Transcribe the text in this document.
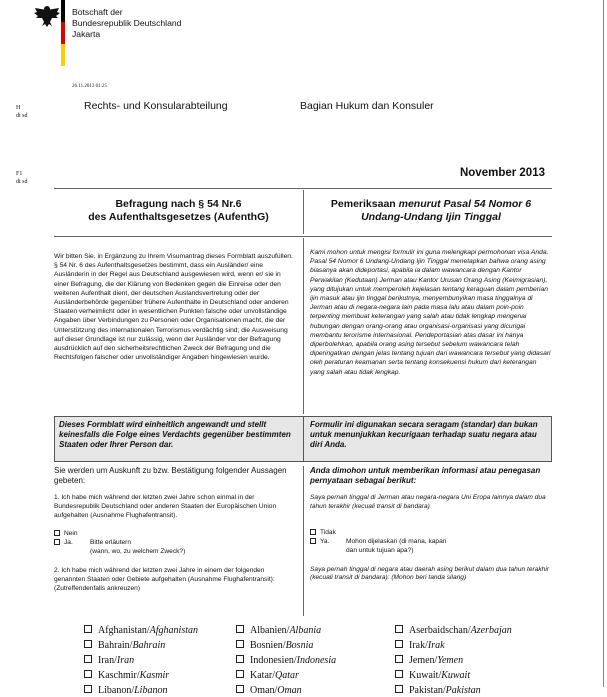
Botschaft der
Bundesrepublik Deutschland
Jakarta
26.11.2013 01:25
H
dt sd
F1
dt sd
Rechts- und Konsularabteilung	Bagian Hukum dan Konsuler
November 2013
Befragung nach § 54 Nr.6
des Aufenthaltsgesetzes (AufenthG)
Pemeriksaan menurut Pasal 54 Nomor 6
Undang-Undang Ijin Tinggal
Wir bitten Sie, in Ergänzung zu Ihrem Visumantrag dieses Formblatt auszufüllen. § 54 Nr. 6 des Aufenthaltsgesetzes bestimmt, dass ein Ausländer/ eine Ausländerin in der Regel aus Deutschland ausgewiesen wird, wenn er/ sie in einer Befragung, die der Klärung von Bedenken gegen die Einreise oder den weiteren Aufenthalt dient, der deutschen Auslandsvertretung oder der Ausländerbehörde gegenüber frühere Aufenthalte in Deutschland oder anderen Staaten verheimlicht oder in wesentlichen Punkten falsche oder unvollständige Angaben über Verbindungen zu Personen oder Organisationen macht, die der Unterstützung des internationalen Terrorismus verdächtig sind; die Ausweisung auf dieser Grundlage ist nur zulässig, wenn der Ausländer vor der Befragung ausdrücklich auf den sicherheitsrechtlichen Zweck der Befragung und die Rechtsfolgen falscher oder unvollständiger Angaben hingewiesen wurde.
Kami mohon untuk mengisi formulir ini guna melengkapi permohonan visa Anda. Pasal 54 Nomor 6 Undang-Undang Ijin Tinggal menetapkan bahwa orang asing biasanya akan dideportasi, apabila ia dalam wawancara dengan Kantor Perwakilan (Kedutaan) Jerman atau Kantor Urusan Orang Asing (Keimigrasian), yang ditujukan untuk memperoleh kejelasan tentang keraguan dalam pemberian ijin masuk atau ijin tinggal berikutnya, menyembunyikan masa tinggalnya di Jerman atau di negara-negara lain pada masa lalu atau dalam poin-poin terpenting membuat keterangan yang salah atau tidak lengkap mengenai hubungan dengan orang-orang atau organisasi-organisasi yang dicurigai membantu terorisme internasional. Pendeportasian atas dasar ini hanya diperbolehkan, apabila orang asing tersebut sebelum wawancara telah diperingatkan dengan jelas tentang tujuan dari wawancara tersebut yang didasari oleh peraturan keamanan serta tentang konsekuensi hukum dari keterangan yang salah atau tidak lengkap.
Dieses Formblatt wird einheitlich angewandt und stellt keinesfalls die Folge eines Verdachts gegenüber bestimmten Staaten oder Ihrer Person dar.
Formulir ini digunakan secara seragam (standar) dan bukan untuk menunjukkan kecurigaan terhadap suatu negara atau diri Anda.
Sie werden um Auskunft zu bzw. Bestätigung folgender Aussagen gebeten:
1. Ich habe mich während der letzten zwei Jahre schon einmal in der Bundesrepublik Deutschland oder anderen Staaten der Europäischen Union aufgehalten (Ausnahme Flughafentransit).
Nein
Ja.	Bitte erläutern
(wann, wo, zu welchem Zweck?)
2. Ich habe mich während der letzten zwei Jahre in einem der folgenden genannten Staaten oder Gebiete aufgehalten (Ausnahme Flughafentransit): (Zutreffendenfalls ankreuzen)
Anda dimohon untuk memberikan informasi atau penegasan pernyataan sebagai berikut:
Saya pernah tinggal di Jerman atau negara-negara Uni Eropa lainnya dalam dua tahun terakhir (kecuali transit di bandara)
Tidak
Ya.	Mohon dijelaskan (di mana, kapan
dan untuk tujuan apa?)
Saya pernah tinggal di negara atau daerah asing berikut dalam dua tahun terakhir (kecuali transit di bandara): (Mohon beri tanda silang)
Afghanistan/Afghanistan	Albanien/Albania	Aserbaidschan/Azerbajan
Bahrain/Bahrain	Bosnien/Bosnia	Irak/Irak
Iran/Iran	Indonesien/Indonesia	Jemen/Yemen
Kaschmir/Kasmir	Katar/Qatar	Kuwait/Kuwait
Libanon/Libanon	Oman/Oman	Pakistan/Pakistan
